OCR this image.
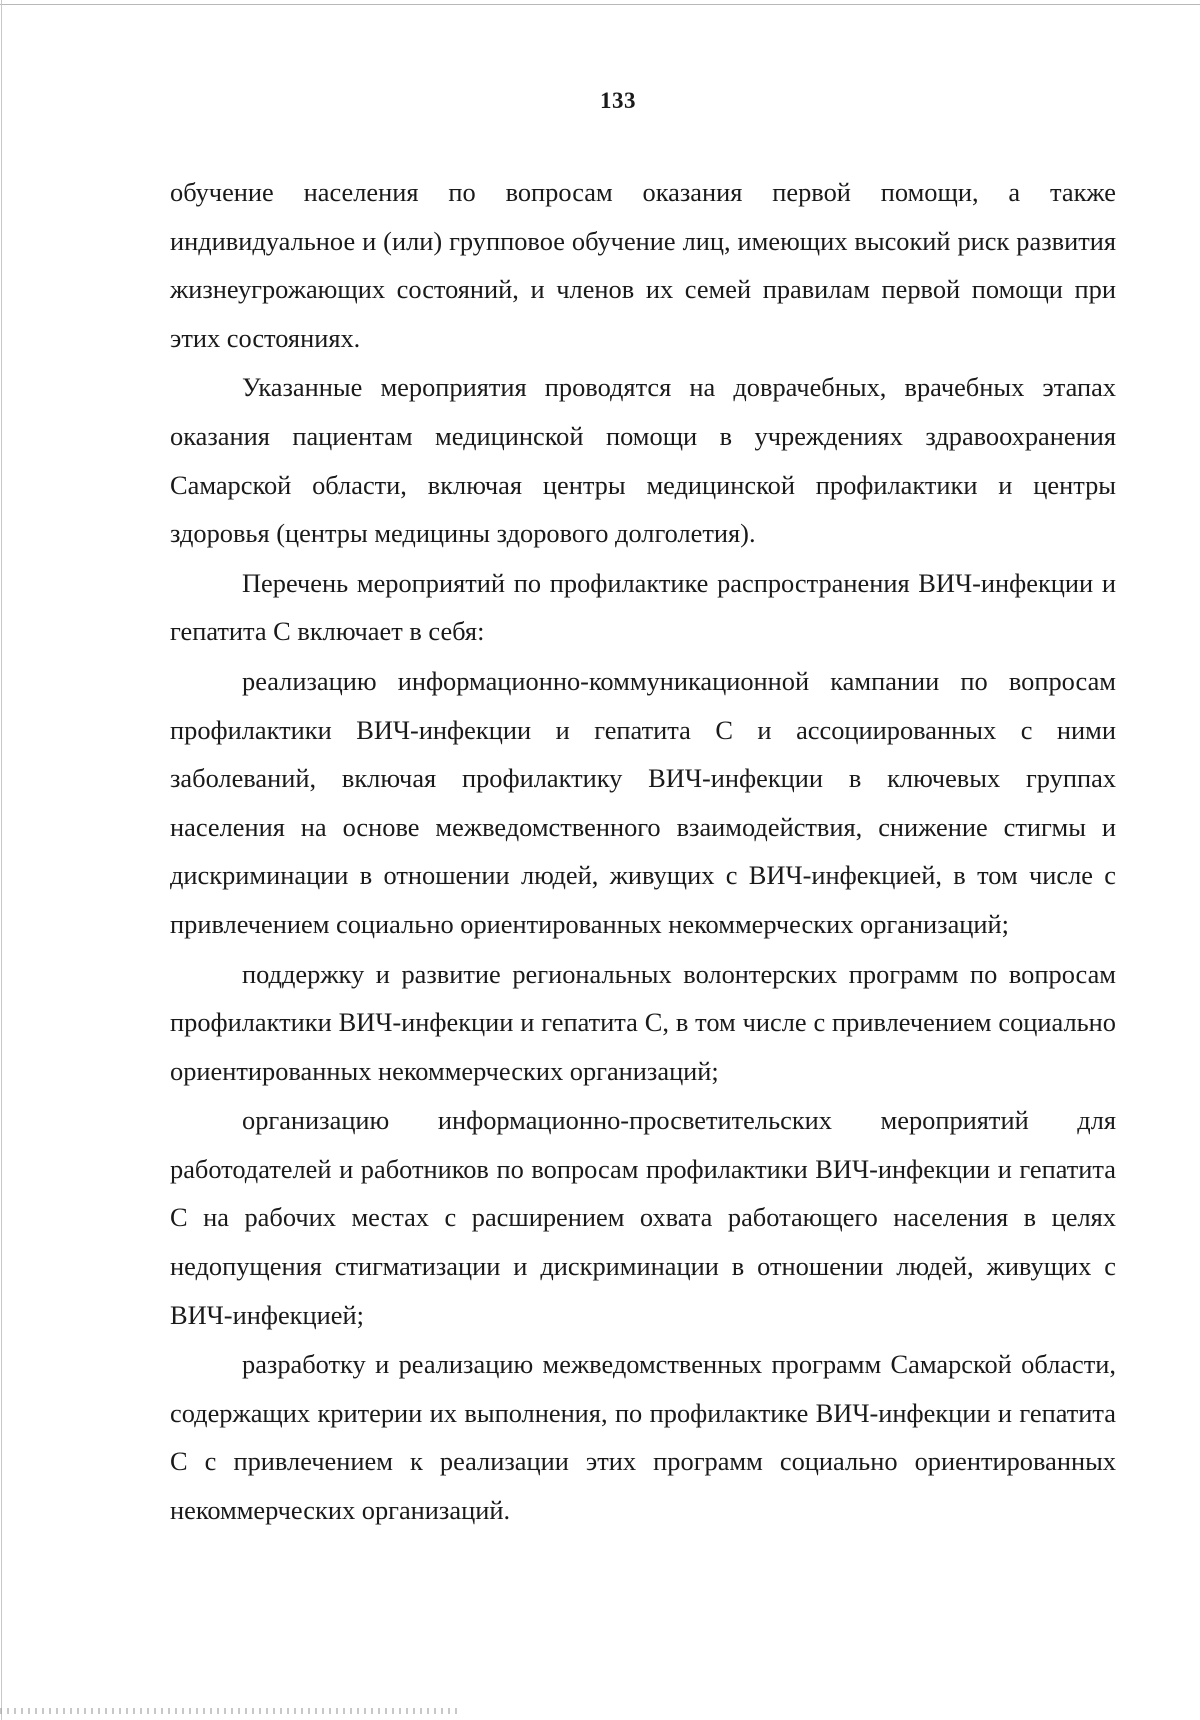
133

обучение населения по вопросам оказания первой помощи, а также индивидуальное и (или) групповое обучение лиц, имеющих высокий риск развития жизнеугрожающих состояний, и членов их семей правилам первой помощи при этих состояниях.

Указанные мероприятия проводятся на доврачебных, врачебных этапах оказания пациентам медицинской помощи в учреждениях здравоохранения Самарской области, включая центры медицинской профилактики и центры здоровья (центры медицины здорового долголетия).

Перечень мероприятий по профилактике распространения ВИЧ-инфекции и гепатита С включает в себя:

реализацию информационно-коммуникационной кампании по вопросам профилактики ВИЧ-инфекции и гепатита С и ассоциированных с ними заболеваний, включая профилактику ВИЧ-инфекции в ключевых группах населения на основе межведомственного взаимодействия, снижение стигмы и дискриминации в отношении людей, живущих с ВИЧ-инфекцией, в том числе с привлечением социально ориентированных некоммерческих организаций;

поддержку и развитие региональных волонтерских программ по вопросам профилактики ВИЧ-инфекции и гепатита С, в том числе с привлечением социально ориентированных некоммерческих организаций;

организацию информационно-просветительских мероприятий для работодателей и работников по вопросам профилактики ВИЧ-инфекции и гепатита С на рабочих местах с расширением охвата работающего населения в целях недопущения стигматизации и дискриминации в отношении людей, живущих с ВИЧ-инфекцией;

разработку и реализацию межведомственных программ Самарской области, содержащих критерии их выполнения, по профилактике ВИЧ-инфекции и гепатита С с привлечением к реализации этих программ социально ориентированных некоммерческих организаций.
